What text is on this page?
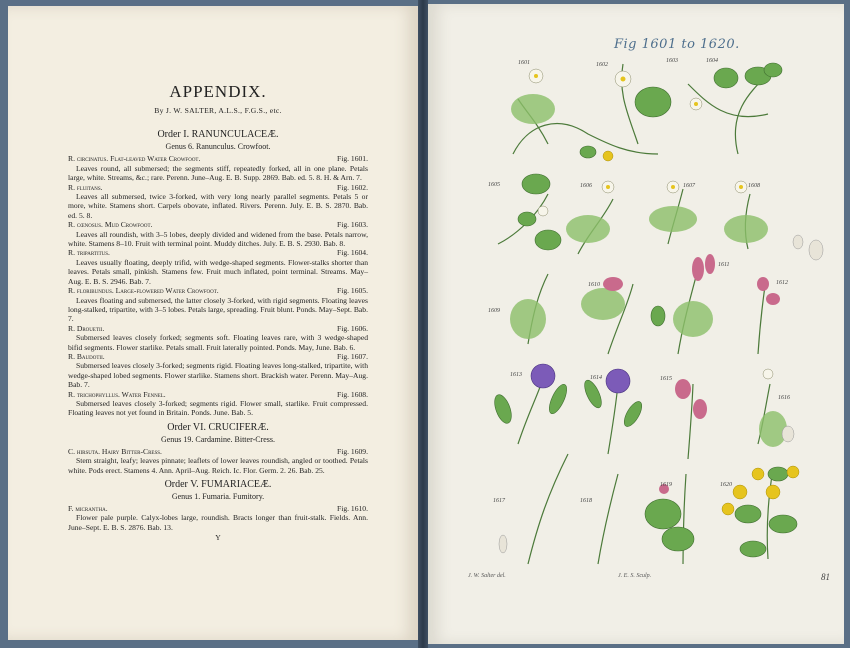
APPENDIX.
By J. W. SALTER, A.L.S., F.G.S., etc.
Order I. RANUNCULACEÆ.
Genus 6. Ranunculus. Crowfoot.
R. circinatus. Flat-leaved Water Crowfoot.	Fig. 1601.
Leaves round, all submersed; the segments stiff, repeatedly forked, all in one plane. Petals large, white. Streams, &c.; rare. Perenn. June–Aug. E. B. Supp. 2869. Bab. ed. 5. 8. H. & Arn. 7.
R. fluitans.	Fig. 1602.
Leaves all submersed, twice 3-forked, with very long nearly parallel segments. Petals 5 or more, white. Stamens short. Carpels obovate, inflated. Rivers. Perenn. July. E. B. S. 2870. Bab. ed. 5. 8.
R. cœnosus. Mud Crowfoot.	Fig. 1603.
Leaves all roundish, with 3–5 lobes, deeply divided and widened from the base. Petals narrow, white. Stamens 8–10. Fruit with terminal point. Muddy ditches. July. E. B. S. 2930. Bab. 8.
R. tripartitus.	Fig. 1604.
Leaves usually floating, deeply trifid, with wedge-shaped segments. Flower-stalks shorter than leaves. Petals small, pinkish. Stamens few. Fruit much inflated, point terminal. Streams. May–Aug. E. B. S. 2946. Bab. 7.
R. floribundus. Large-flowered Water Crowfoot.	Fig. 1605.
Leaves floating and submersed, the latter closely 3-forked, with rigid segments. Floating leaves long-stalked, tripartite, with 3–5 lobes. Petals large, spreading. Fruit blunt. Ponds. May–Sept. Bab. 7.
R. Drouetii.	Fig. 1606.
Submersed leaves closely forked; segments soft. Floating leaves rare, with 3 wedge-shaped bifid segments. Flower starlike. Petals small. Fruit laterally pointed. Ponds. May, June. Bab. 6.
R. Baudotii.	Fig. 1607.
Submersed leaves closely 3-forked; segments rigid. Floating leaves long-stalked, tripartite, with wedge-shaped lobed segments. Flower starlike. Stamens short. Brackish water. Perenn. May–Aug. Bab. 7.
R. trichophyllus. Water Fennel.	Fig. 1608.
Submersed leaves closely 3-forked; segments rigid. Flower small, starlike. Fruit compressed. Floating leaves not yet found in Britain. Ponds. June. Bab. 5.
Order VI. CRUCIFERÆ.
Genus 19. Cardamine. Bitter-Cress.
C. hirsuta. Hairy Bitter-Cress.	Fig. 1609.
Stem straight, leafy; leaves pinnate; leaflets of lower leaves roundish, angled or toothed. Petals white. Pods erect. Stamens 4. Ann. April–Aug. Reich. Ic. Flor. Germ. 2. 26. Bab. 25.
Order V. FUMARIACEÆ.
Genus 1. Fumaria. Fumitory.
F. micrantha.	Fig. 1610.
Flower pale purple. Calyx-lobes large, roundish. Bracts longer than fruit-stalk. Fields. Ann. June–Sept. E. B. S. 2876. Bab. 13.
Y
Fig 1601 to 1620.
1601	1602
1603	1604
1605	1606	1607	1608
1609
1610
1611
1612
1613	1614	1615
1616
1617	1618
1619	1620
J. W. Salter del.	J. E. S. Sculp.	81
